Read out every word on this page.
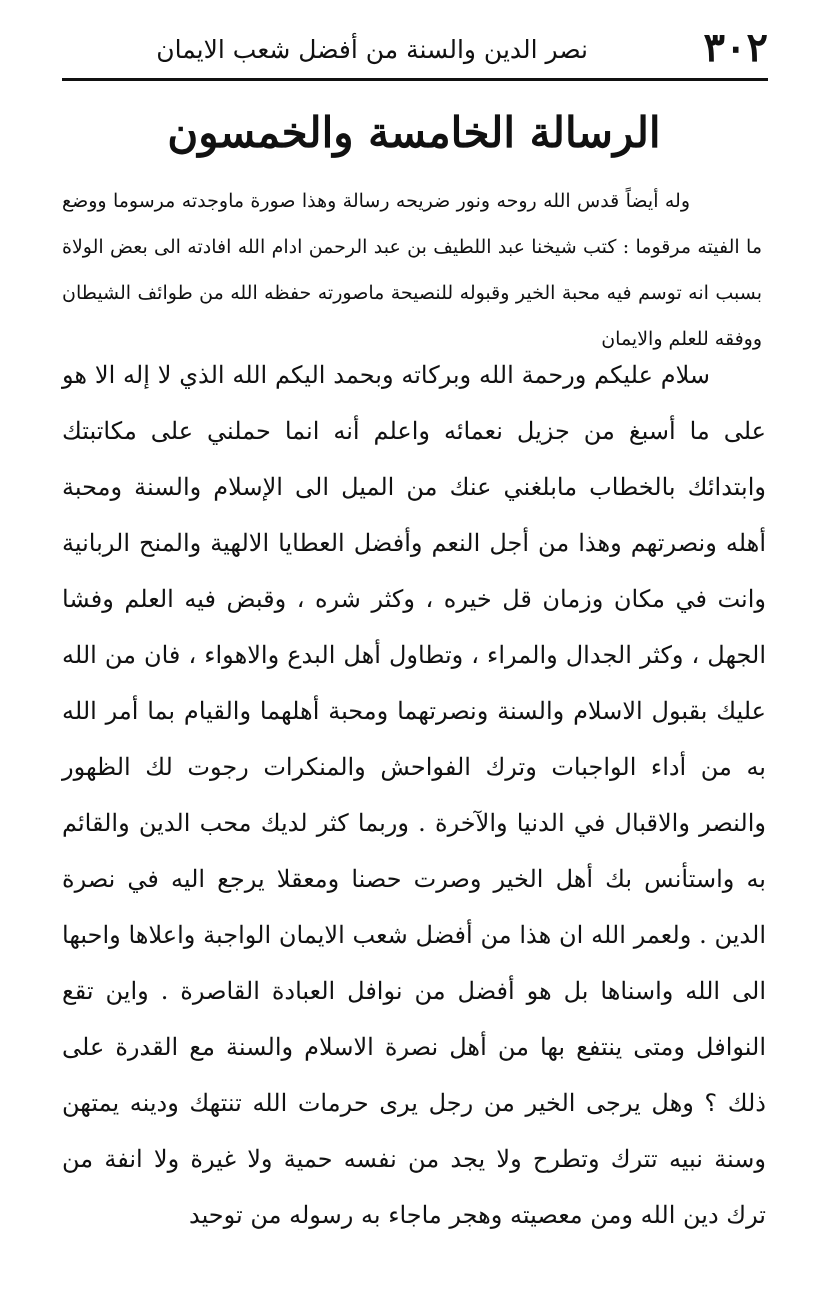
٣٠٢
نصر الدين والسنة من أفضل شعب الايمان
الرسالة الخامسة والخمسون

وله أيضاً قدس الله روحه ونور ضريحه رسالة وهذا صورة ماوجدته مرسوما ووضع ما الفيته مرقوما : كتب شيخنا عبد اللطيف بن عبد الرحمن ادام الله افادته الى بعض الولاة بسبب انه توسم فيه محبة الخير وقبوله للنصيحة ماصورته حفظه الله من طوائف الشيطان ووفقه للعلم والايمان

سلام عليكم ورحمة الله وبركاته وبحمد اليكم الله الذي لا إله الا هو على ما أسبغ من جزيل نعمائه واعلم أنه انما حملني على مكاتبتك وابتدائك بالخطاب مابلغني عنك من الميل الى الإسلام والسنة ومحبة أهله ونصرتهم وهذا من أجل النعم وأفضل العطايا الالهية والمنح الربانية وانت في مكان وزمان قل خيره ، وكثر شره ، وقبض فيه العلم وفشا الجهل ، وكثر الجدال والمراء ، وتطاول أهل البدع والاهواء ، فان من الله عليك بقبول الاسلام والسنة ونصرتهما ومحبة أهلهما والقيام بما أمر الله به من أداء الواجبات وترك الفواحش والمنكرات رجوت لك الظهور والنصر والاقبال في الدنيا والآخرة . وربما كثر لديك محب الدين والقائم به واستأنس بك أهل الخير وصرت حصنا ومعقلا يرجع اليه في نصرة الدين . ولعمر الله ان هذا من أفضل شعب الايمان الواجبة واعلاها واحبها الى الله واسناها بل هو أفضل من نوافل العبادة القاصرة . واين تقع النوافل ومتى ينتفع بها من أهل نصرة الاسلام والسنة مع القدرة على ذلك ؟ وهل يرجى الخير من رجل يرى حرمات الله تنتهك ودينه يمتهن وسنة نبيه تترك وتطرح ولا يجد من نفسه حمية ولا غيرة ولا انفة من ترك دين الله ومن معصيته وهجر ماجاء به رسوله من توحيد
